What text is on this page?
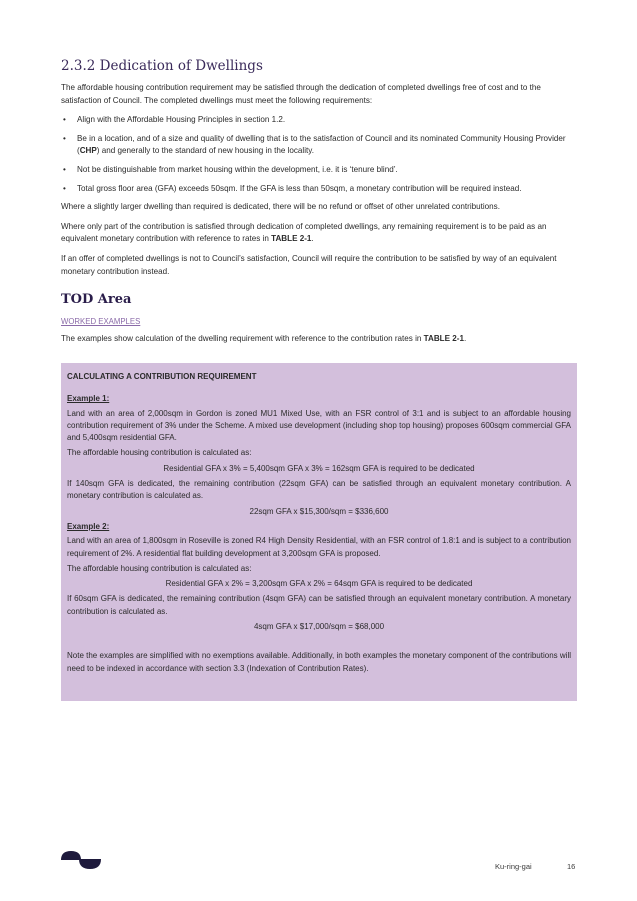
2.3.2 Dedication of Dwellings

The affordable housing contribution requirement may be satisfied through the dedication of completed dwellings free of cost and to the satisfaction of Council. The completed dwellings must meet the following requirements:

• Align with the Affordable Housing Principles in section 1.2.
• Be in a location, and of a size and quality of dwelling that is to the satisfaction of Council and its nominated Community Housing Provider (CHP) and generally to the standard of new housing in the locality.
• Not be distinguishable from market housing within the development, i.e. it is ‘tenure blind’.
• Total gross floor area (GFA) exceeds 50sqm. If the GFA is less than 50sqm, a monetary contribution will be required instead.

Where a slightly larger dwelling than required is dedicated, there will be no refund or offset of other unrelated contributions.

Where only part of the contribution is satisfied through dedication of completed dwellings, any remaining requirement is to be paid as an equivalent monetary contribution with reference to rates in TABLE 2-1.

If an offer of completed dwellings is not to Council’s satisfaction, Council will require the contribution to be satisfied by way of an equivalent monetary contribution instead.

TOD Area
WORKED EXAMPLES

The examples show calculation of the dwelling requirement with reference to the contribution rates in TABLE 2-1.

CALCULATING A CONTRIBUTION REQUIREMENT

Example 1:

Land with an area of 2,000sqm in Gordon is zoned MU1 Mixed Use, with an FSR control of 3:1 and is subject to an affordable housing contribution requirement of 3% under the Scheme. A mixed use development (including shop top housing) proposes 600sqm commercial GFA and 5,400sqm residential GFA.

The affordable housing contribution is calculated as:

Residential GFA x 3% = 5,400sqm GFA x 3% = 162sqm GFA is required to be dedicated

If 140sqm GFA is dedicated, the remaining contribution (22sqm GFA) can be satisfied through an equivalent monetary contribution. A monetary contribution is calculated as.

22sqm GFA x $15,300/sqm = $336,600

Example 2:

Land with an area of 1,800sqm in Roseville is zoned R4 High Density Residential, with an FSR control of 1.8:1 and is subject to a contribution requirement of 2%. A residential flat building development at 3,200sqm GFA is proposed.

The affordable housing contribution is calculated as:

Residential GFA x 2% = 3,200sqm GFA x 2% = 64sqm GFA is required to be dedicated

If 60sqm GFA is dedicated, the remaining contribution (4sqm GFA) can be satisfied through an equivalent monetary contribution. A monetary contribution is calculated as.

4sqm GFA x $17,000/sqm = $68,000

Note the examples are simplified with no exemptions available. Additionally, in both examples the monetary component of the contributions will need to be indexed in accordance with section 3.3 (Indexation of Contribution Rates).

Ku-ring-gai	16
